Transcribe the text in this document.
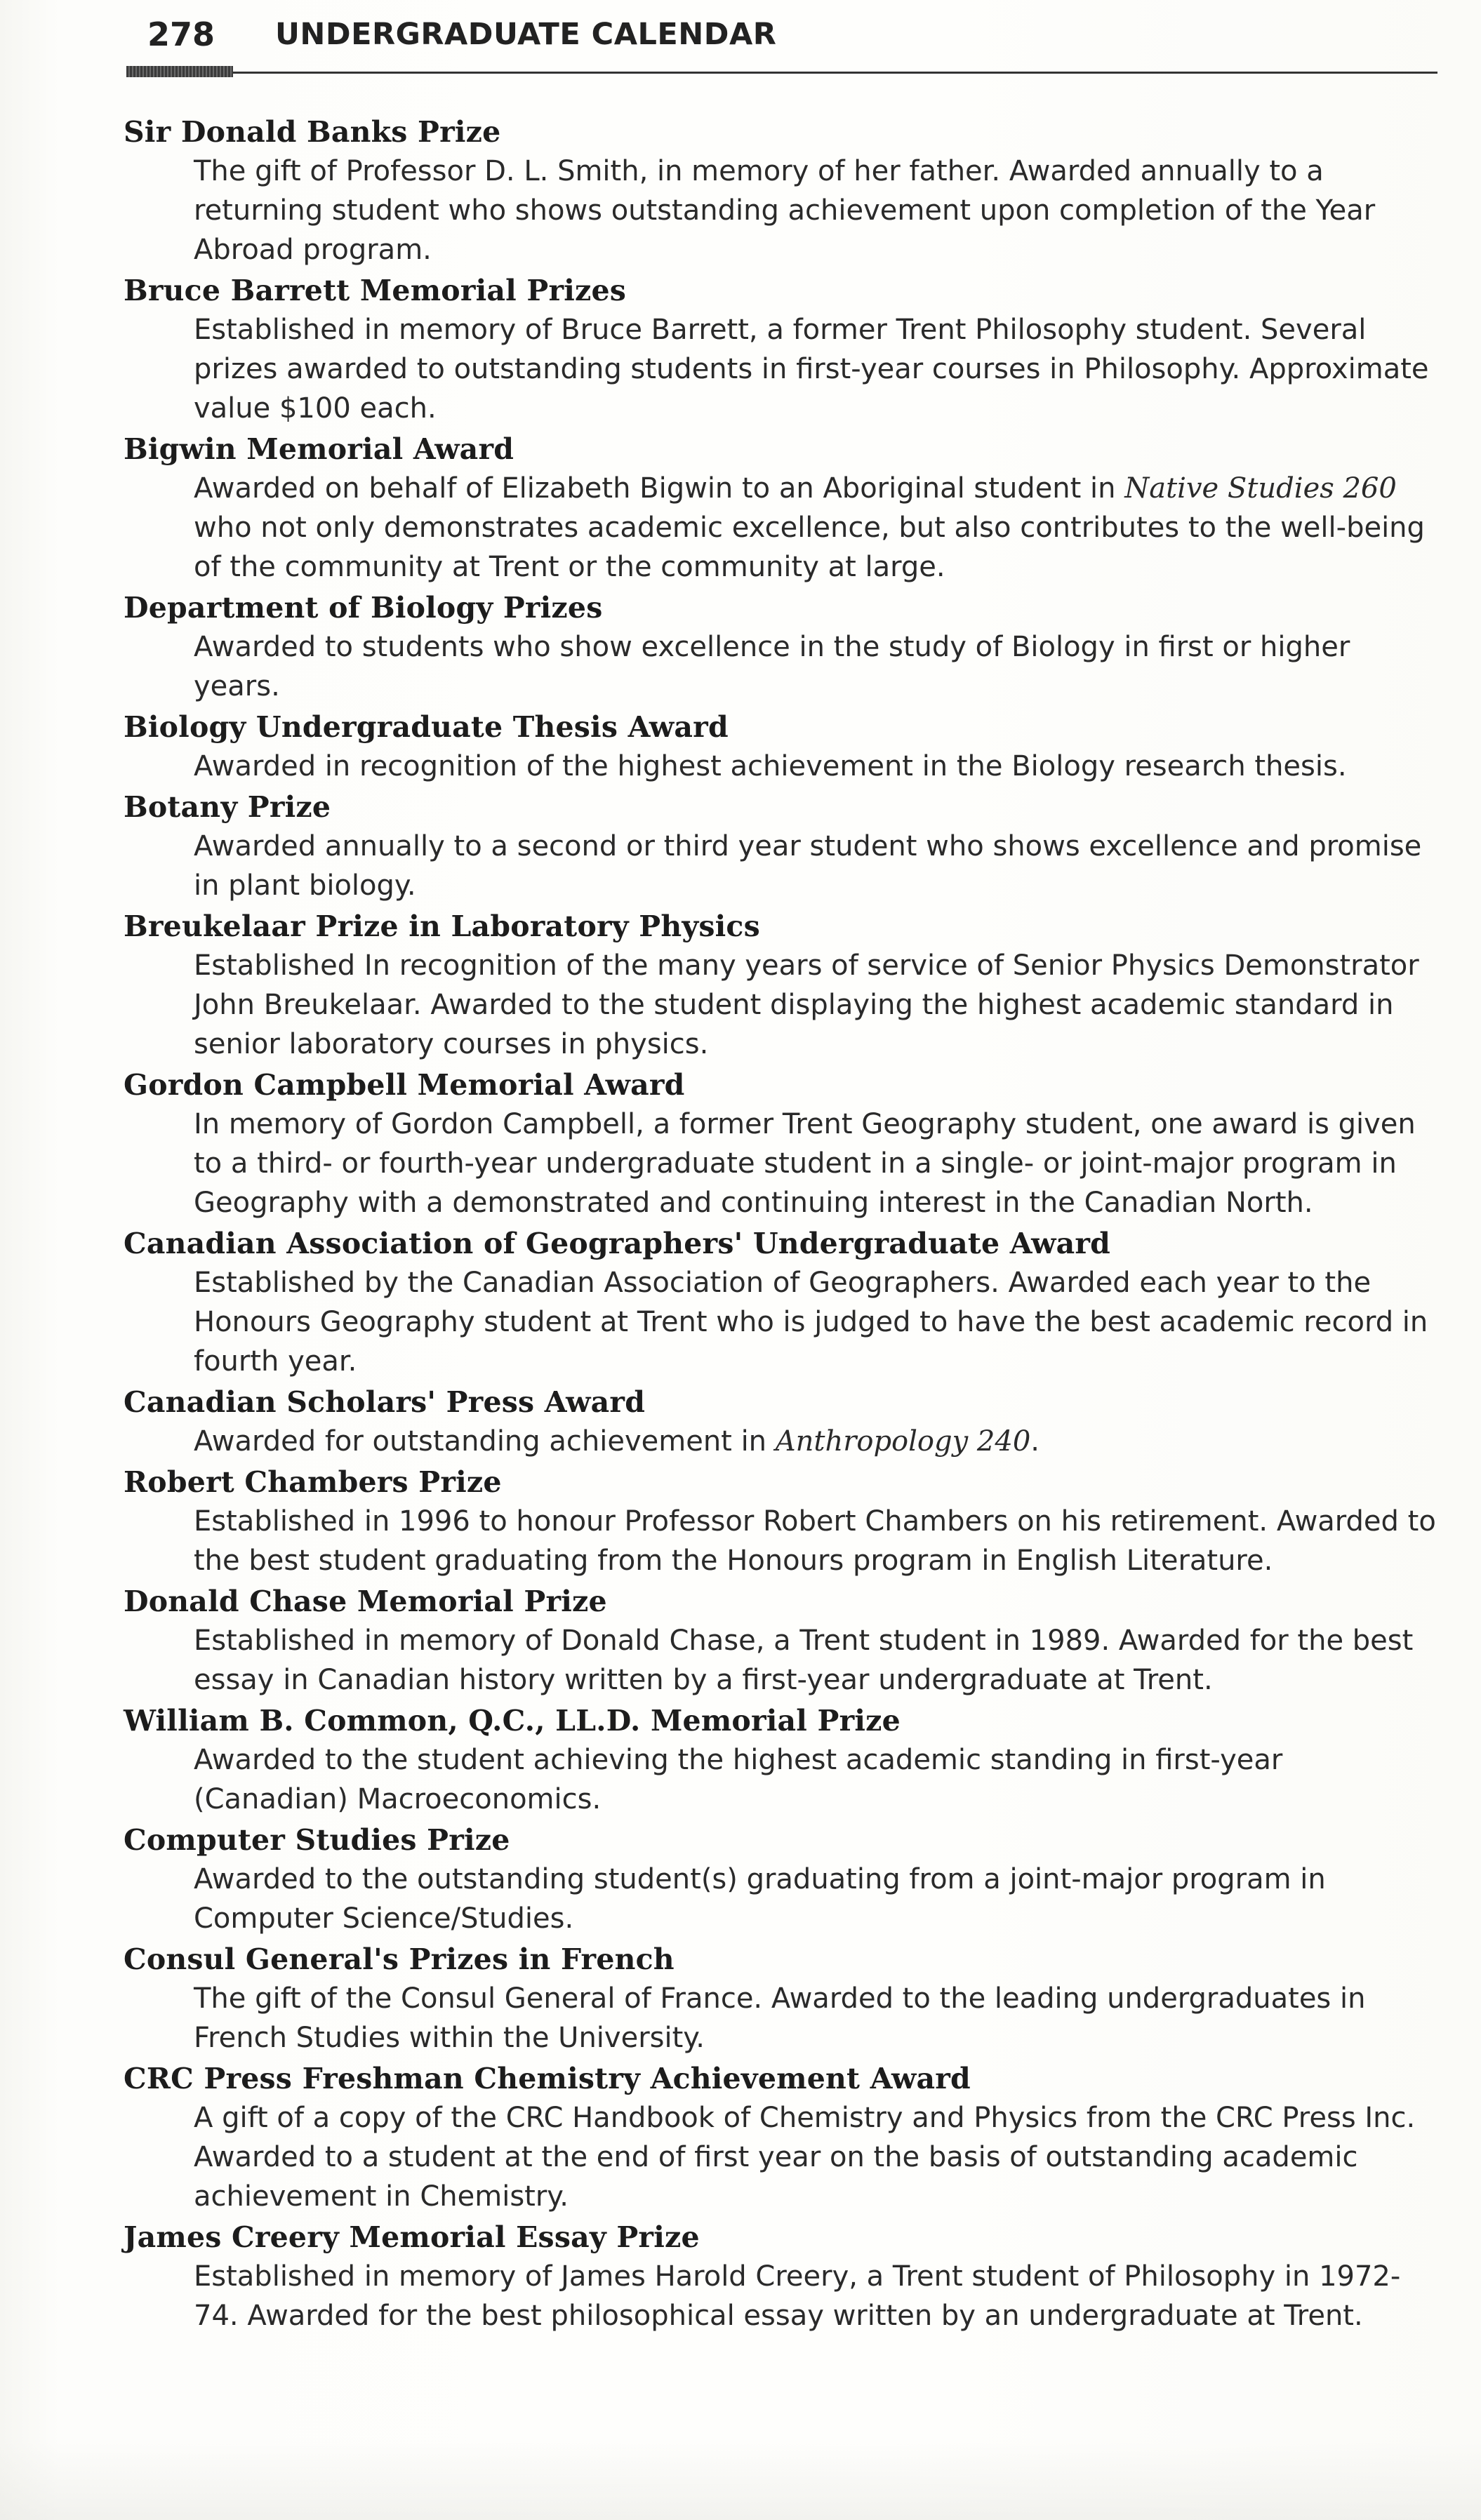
278 UNDERGRADUATE CALENDAR
Sir Donald Banks Prize
The gift of Professor D. L. Smith, in memory of her father. Awarded annually to a returning student who shows outstanding achievement upon completion of the Year Abroad program.
Bruce Barrett Memorial Prizes
Established in memory of Bruce Barrett, a former Trent Philosophy student. Several prizes awarded to outstanding students in first-year courses in Philosophy. Approximate value $100 each.
Bigwin Memorial Award
Awarded on behalf of Elizabeth Bigwin to an Aboriginal student in Native Studies 260 who not only demonstrates academic excellence, but also contributes to the well-being of the community at Trent or the community at large.
Department of Biology Prizes
Awarded to students who show excellence in the study of Biology in first or higher years.
Biology Undergraduate Thesis Award
Awarded in recognition of the highest achievement in the Biology research thesis.
Botany Prize
Awarded annually to a second or third year student who shows excellence and promise in plant biology.
Breukelaar Prize in Laboratory Physics
Established In recognition of the many years of service of Senior Physics Demonstrator John Breukelaar. Awarded to the student displaying the highest academic standard in senior laboratory courses in physics.
Gordon Campbell Memorial Award
In memory of Gordon Campbell, a former Trent Geography student, one award is given to a third- or fourth-year undergraduate student in a single- or joint-major program in Geography with a demonstrated and continuing interest in the Canadian North.
Canadian Association of Geographers' Undergraduate Award
Established by the Canadian Association of Geographers. Awarded each year to the Honours Geography student at Trent who is judged to have the best academic record in fourth year.
Canadian Scholars' Press Award
Awarded for outstanding achievement in Anthropology 240.
Robert Chambers Prize
Established in 1996 to honour Professor Robert Chambers on his retirement. Awarded to the best student graduating from the Honours program in English Literature.
Donald Chase Memorial Prize
Established in memory of Donald Chase, a Trent student in 1989. Awarded for the best essay in Canadian history written by a first-year undergraduate at Trent.
William B. Common, Q.C., LL.D. Memorial Prize
Awarded to the student achieving the highest academic standing in first-year (Canadian) Macroeconomics.
Computer Studies Prize
Awarded to the outstanding student(s) graduating from a joint-major program in Computer Science/Studies.
Consul General's Prizes in French
The gift of the Consul General of France. Awarded to the leading undergraduates in French Studies within the University.
CRC Press Freshman Chemistry Achievement Award
A gift of a copy of the CRC Handbook of Chemistry and Physics from the CRC Press Inc. Awarded to a student at the end of first year on the basis of outstanding academic achievement in Chemistry.
James Creery Memorial Essay Prize
Established in memory of James Harold Creery, a Trent student of Philosophy in 1972-74. Awarded for the best philosophical essay written by an undergraduate at Trent.
